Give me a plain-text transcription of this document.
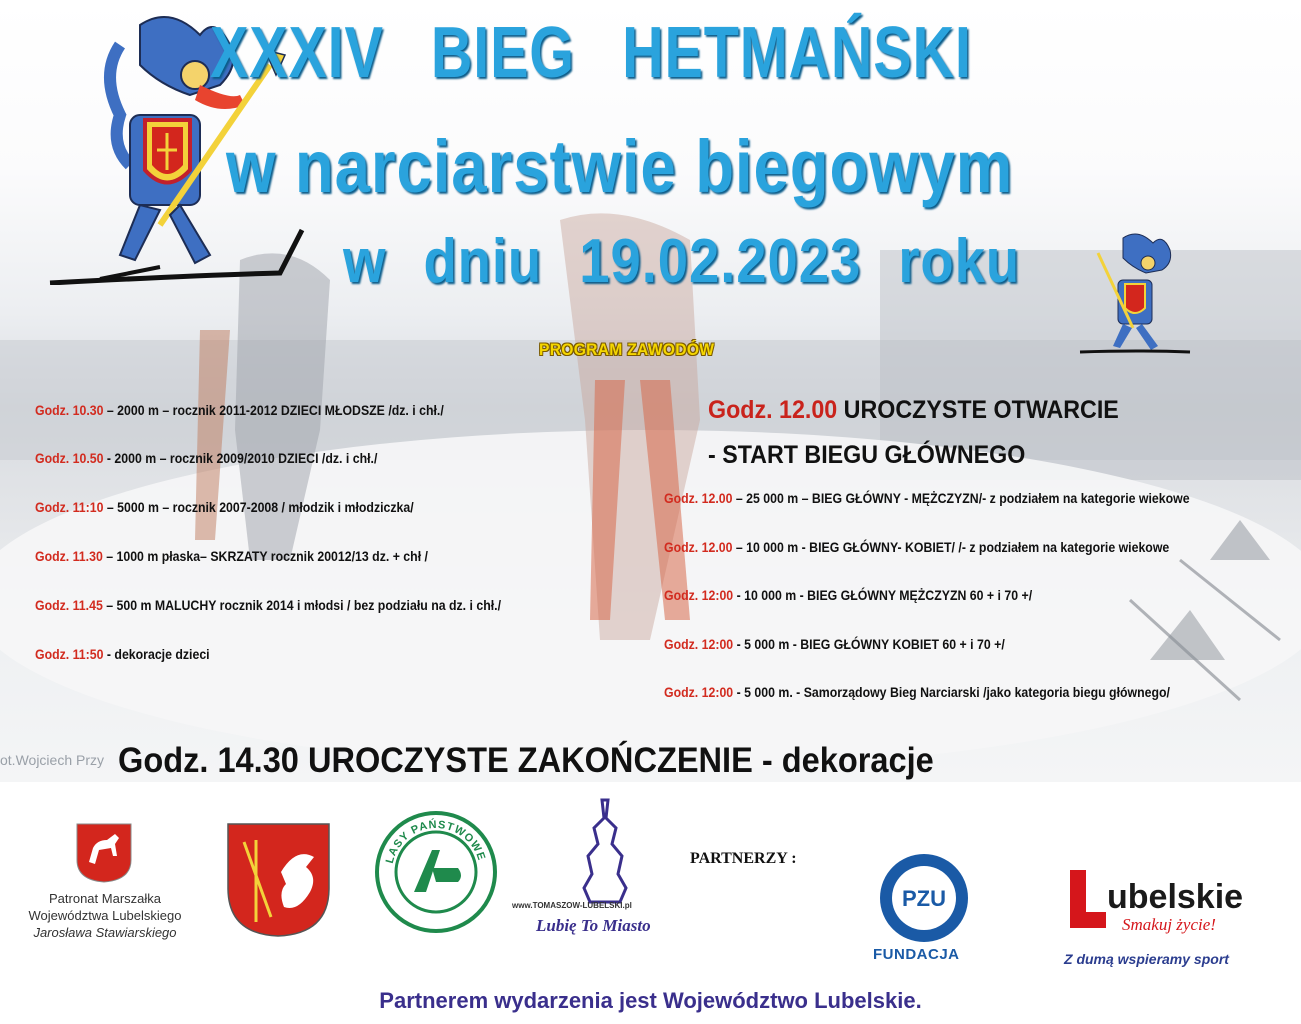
XXXIV BIEG HETMAŃSKI
w narciarstwie biegowym
w dniu 19.02.2023 roku
PROGRAM ZAWODÓW
Godz. 10.30 – 2000 m – rocznik 2011-2012 DZIECI MŁODSZE /dz. i chł./
Godz. 10.50 - 2000 m – rocznik 2009/2010 DZIECI /dz. i chł./
Godz. 11:10 – 5000 m – rocznik 2007-2008 / młodzik i młodziczka/
Godz. 11.30 – 1000 m płaska– SKRZATY rocznik 20012/13 dz. + chł /
Godz. 11.45 – 500 m MALUCHY rocznik 2014 i młodsi / bez podziału na dz. i chł./
Godz. 11:50 - dekoracje dzieci
Godz. 12.00 UROCZYSTE OTWARCIE
- START BIEGU GŁÓWNEGO
Godz. 12.00 – 25 000 m – BIEG GŁÓWNY - MĘŻCZYZN/- z podziałem na kategorie wiekowe
Godz. 12.00 – 10 000 m - BIEG GŁÓWNY- KOBIET/ /- z podziałem na kategorie wiekowe
Godz. 12:00 - 10 000 m - BIEG GŁÓWNY MĘŻCZYZN 60 + i 70 +/
Godz. 12:00 - 5 000 m - BIEG GŁÓWNY KOBIET 60 + i 70 +/
Godz. 12:00 - 5 000 m. - Samorządowy Bieg Narciarski /jako kategoria biegu głównego/
ot.Wojciech Przy Godz. 14.30 UROCZYSTE ZAKOŃCZENIE - dekoracje
Patronat Marszałka
Województwa Lubelskiego
Jarosława Stawiarskiego
LASY PAŃSTWOWE
www.TOMASZOW-LUBELSKI.pl
Lubię To Miasto
PARTNERZY :
PZU
FUNDACJA
ubelskie
Smakuj życie!
Z dumą wspieramy sport
Partnerem wydarzenia jest Województwo Lubelskie.
